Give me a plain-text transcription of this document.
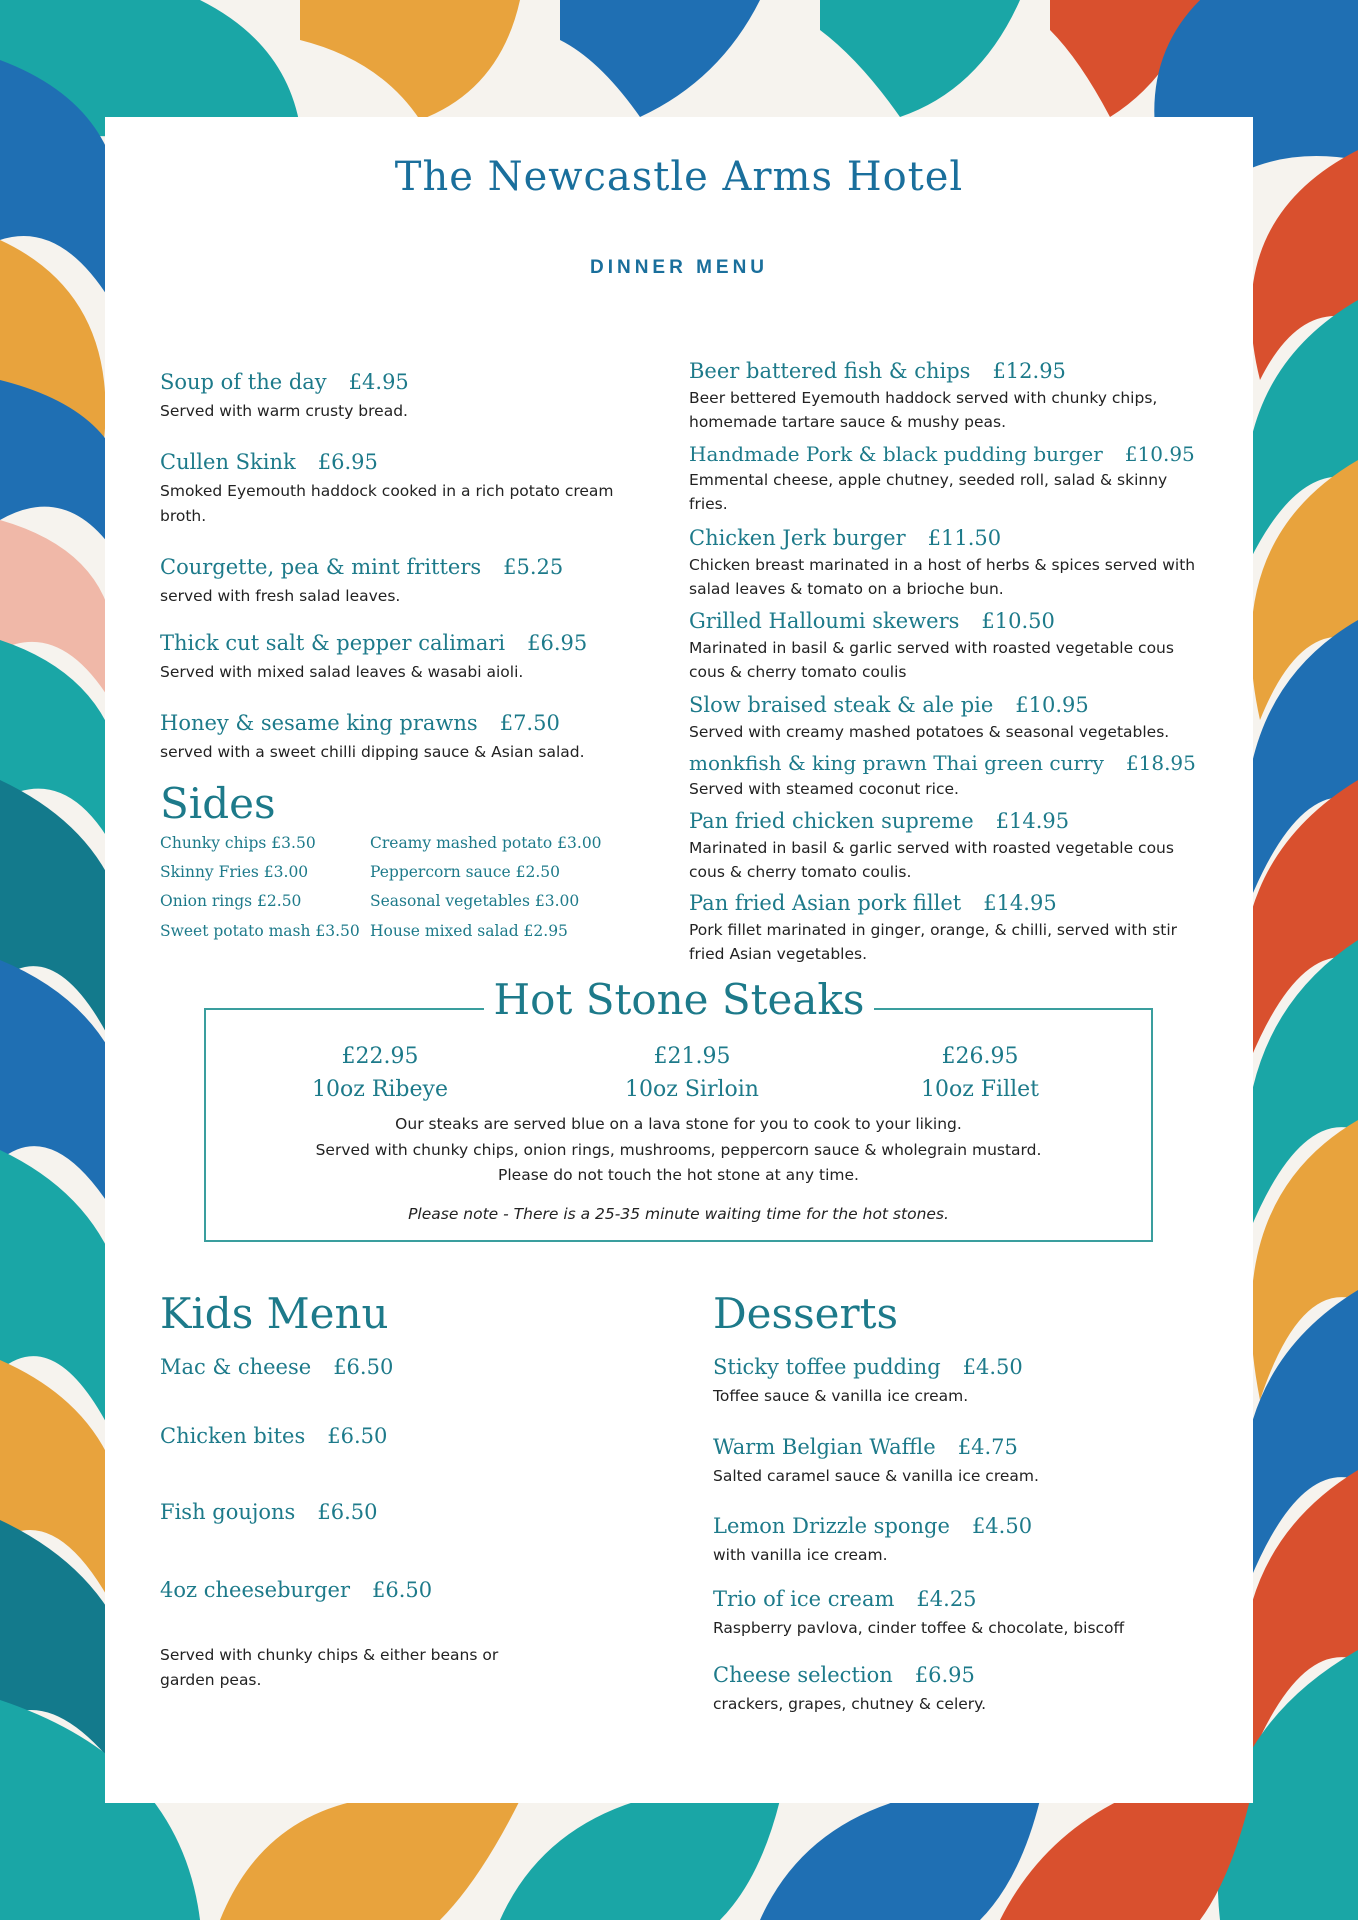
The Newcastle Arms Hotel
DINNER MENU
Soup of the day £4.95
Served with warm crusty bread.
Cullen Skink £6.95
Smoked Eyemouth haddock cooked in a rich potato cream broth.
Courgette, pea & mint fritters £5.25
served with fresh salad leaves.
Thick cut salt & pepper calimari £6.95
Served with mixed salad leaves & wasabi aioli.
Honey & sesame king prawns £7.50
served with a sweet chilli dipping sauce & Asian salad.
Sides
Chunky chips £3.50
Skinny Fries £3.00
Onion rings £2.50
Sweet potato mash £3.50
Creamy mashed potato £3.00
Peppercorn sauce £2.50
Seasonal vegetables £3.00
House mixed salad £2.95
Beer battered fish & chips £12.95
Beer bettered Eyemouth haddock served with chunky chips, homemade tartare sauce & mushy peas.
Handmade Pork & black pudding burger £10.95
Emmental cheese, apple chutney, seeded roll, salad & skinny fries.
Chicken Jerk burger £11.50
Chicken breast marinated in a host of herbs & spices served with salad leaves & tomato on a brioche bun.
Grilled Halloumi skewers £10.50
Marinated in basil & garlic served with roasted vegetable cous cous & cherry tomato coulis
Slow braised steak & ale pie £10.95
Served with creamy mashed potatoes & seasonal vegetables.
monkfish & king prawn Thai green curry £18.95
Served with steamed coconut rice.
Pan fried chicken supreme £14.95
Marinated in basil & garlic served with roasted vegetable cous cous & cherry tomato coulis.
Pan fried Asian pork fillet £14.95
Pork fillet marinated in ginger, orange, & chilli, served with stir fried Asian vegetables.
Hot Stone Steaks
£22.95
10oz Ribeye
£21.95
10oz Sirloin
£26.95
10oz Fillet
Our steaks are served blue on a lava stone for you to cook to your liking.
Served with chunky chips, onion rings, mushrooms, peppercorn sauce & wholegrain mustard.
Please do not touch the hot stone at any time.
Please note - There is a 25-35 minute waiting time for the hot stones.
Kids Menu
Mac & cheese £6.50
Chicken bites £6.50
Fish goujons £6.50
4oz cheeseburger £6.50
Served with chunky chips & either beans or garden peas.
Desserts
Sticky toffee pudding £4.50
Toffee sauce & vanilla ice cream.
Warm Belgian Waffle £4.75
Salted caramel sauce & vanilla ice cream.
Lemon Drizzle sponge £4.50
with vanilla ice cream.
Trio of ice cream £4.25
Raspberry pavlova, cinder toffee & chocolate, biscoff
Cheese selection £6.95
crackers, grapes, chutney & celery.
